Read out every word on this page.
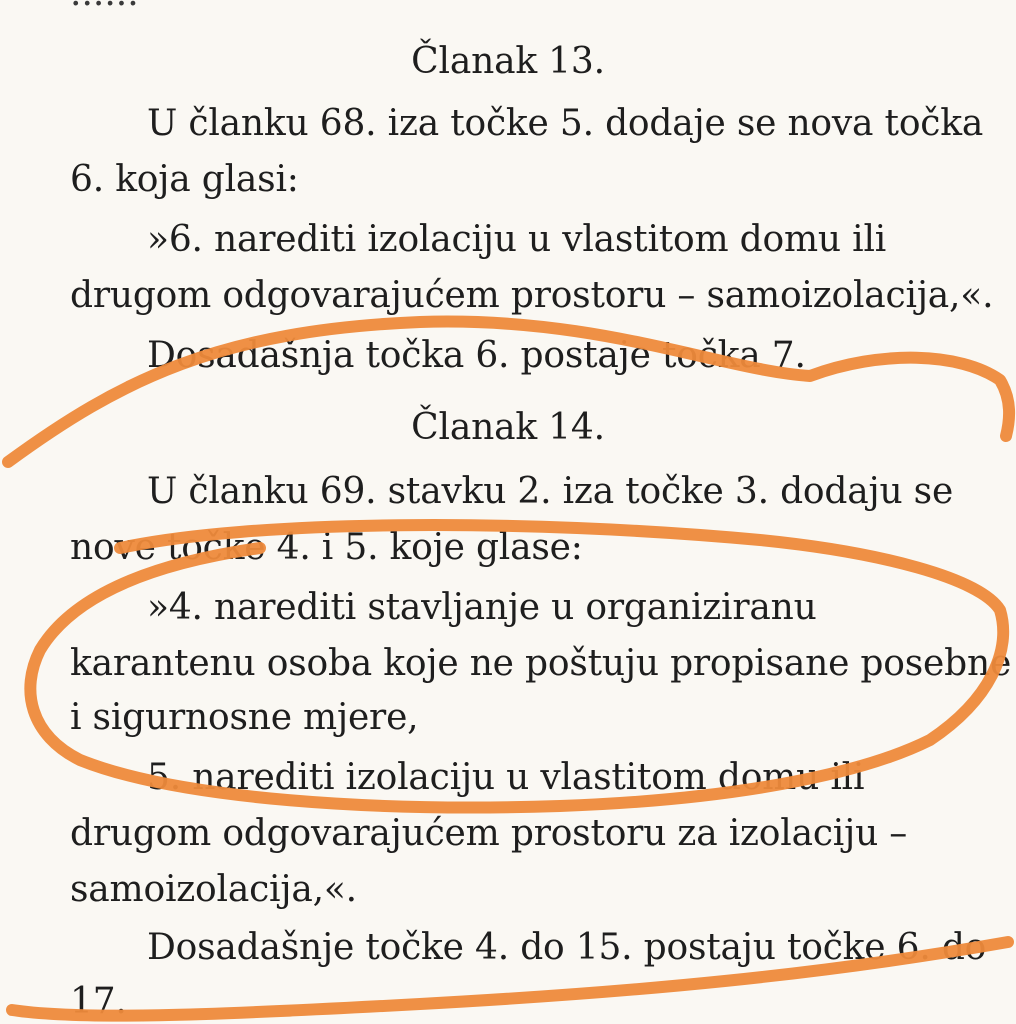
Članak 13.
U članku 68. iza točke 5. dodaje se nova točka
6. koja glasi:
»6. narediti izolaciju u vlastitom domu ili
drugom odgovarajućem prostoru – samoizolacija,«.
Dosadašnja točka 6. postaje točka 7.
Članak 14.
U članku 69. stavku 2. iza točke 3. dodaju se
nove točke 4. i 5. koje glase:
»4. narediti stavljanje u organiziranu
karantenu osoba koje ne poštuju propisane posebne
i sigurnosne mjere,
5. narediti izolaciju u vlastitom domu ili
drugom odgovarajućem prostoru za izolaciju –
samoizolacija,«.
Dosadašnje točke 4. do 15. postaju točke 6. do
17.
